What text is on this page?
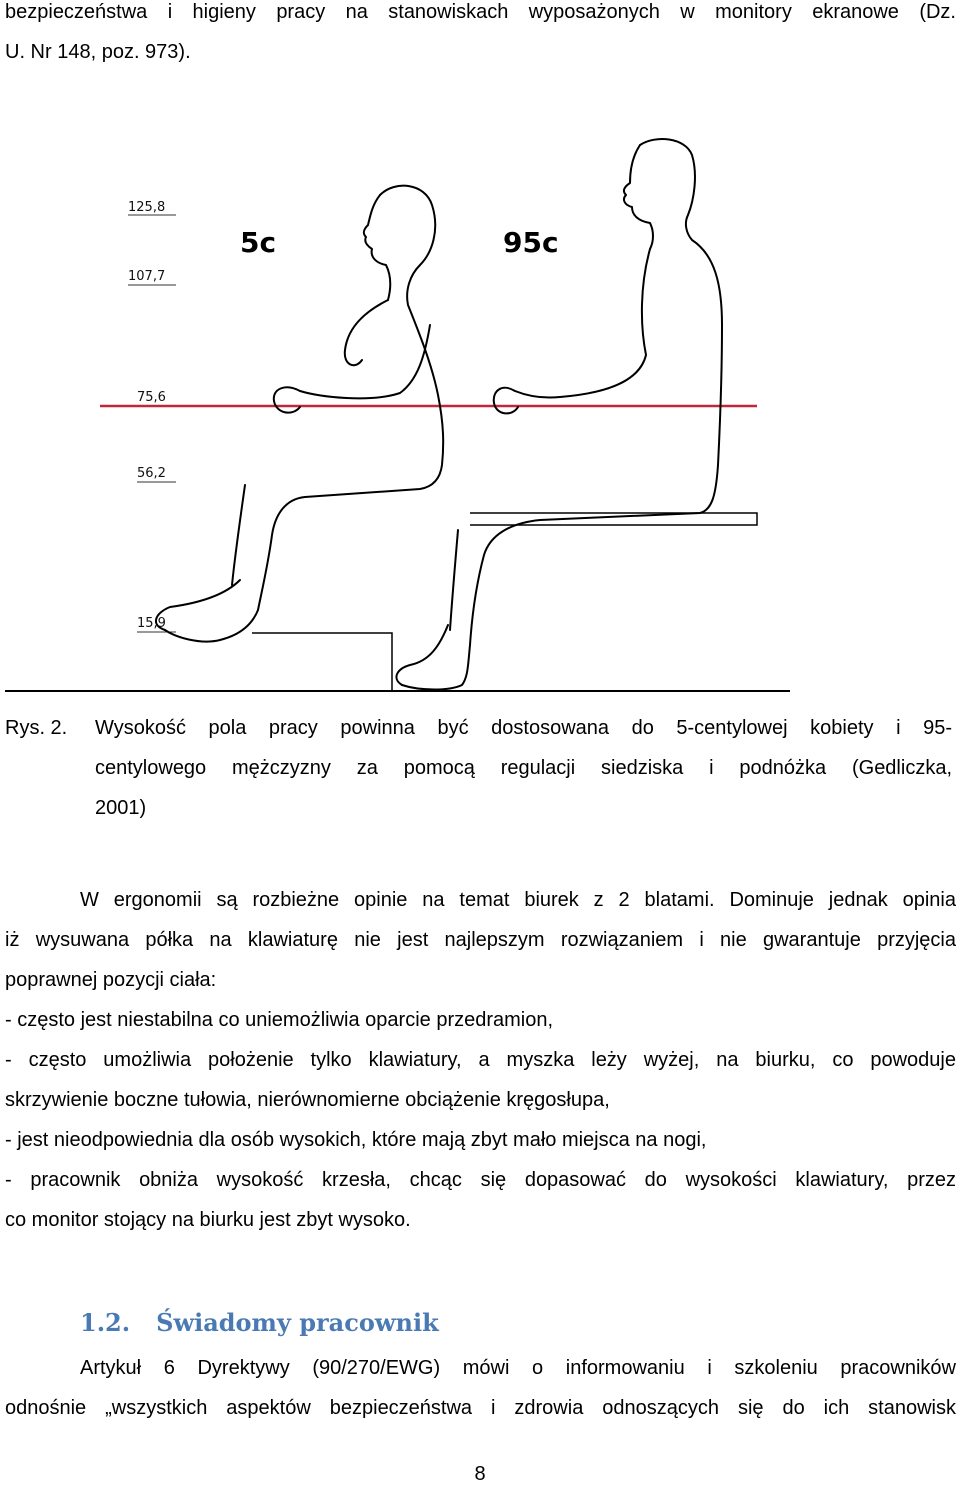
bezpieczeństwa i higieny pracy na stanowiskach wyposażonych w monitory ekranowe (Dz.
U. Nr 148, poz. 973).
125,8
107,7
75,6
56,2
15,9
5c	95c
Rys. 2. Wysokość pola pracy powinna być dostosowana do 5-centylowej kobiety i 95-
centylowego mężczyzny za pomocą regulacji siedziska i podnóżka (Gedliczka,
2001)
W ergonomii są rozbieżne opinie na temat biurek z 2 blatami. Dominuje jednak opinia
iż wysuwana półka na klawiaturę nie jest najlepszym rozwiązaniem i nie gwarantuje przyjęcia
poprawnej pozycji ciała:
- często jest niestabilna co uniemożliwia oparcie przedramion,
- często umożliwia położenie tylko klawiatury, a myszka leży wyżej, na biurku, co powoduje
skrzywienie boczne tułowia, nierównomierne obciążenie kręgosłupa,
- jest nieodpowiednia dla osób wysokich, które mają zbyt mało miejsca na nogi,
- pracownik obniża wysokość krzesła, chcąc się dopasować do wysokości klawiatury, przez
co monitor stojący na biurku jest zbyt wysoko.
1.2. Świadomy pracownik
Artykuł 6 Dyrektywy (90/270/EWG) mówi o informowaniu i szkoleniu pracowników
odnośnie „wszystkich aspektów bezpieczeństwa i zdrowia odnoszących się do ich stanowisk
8
